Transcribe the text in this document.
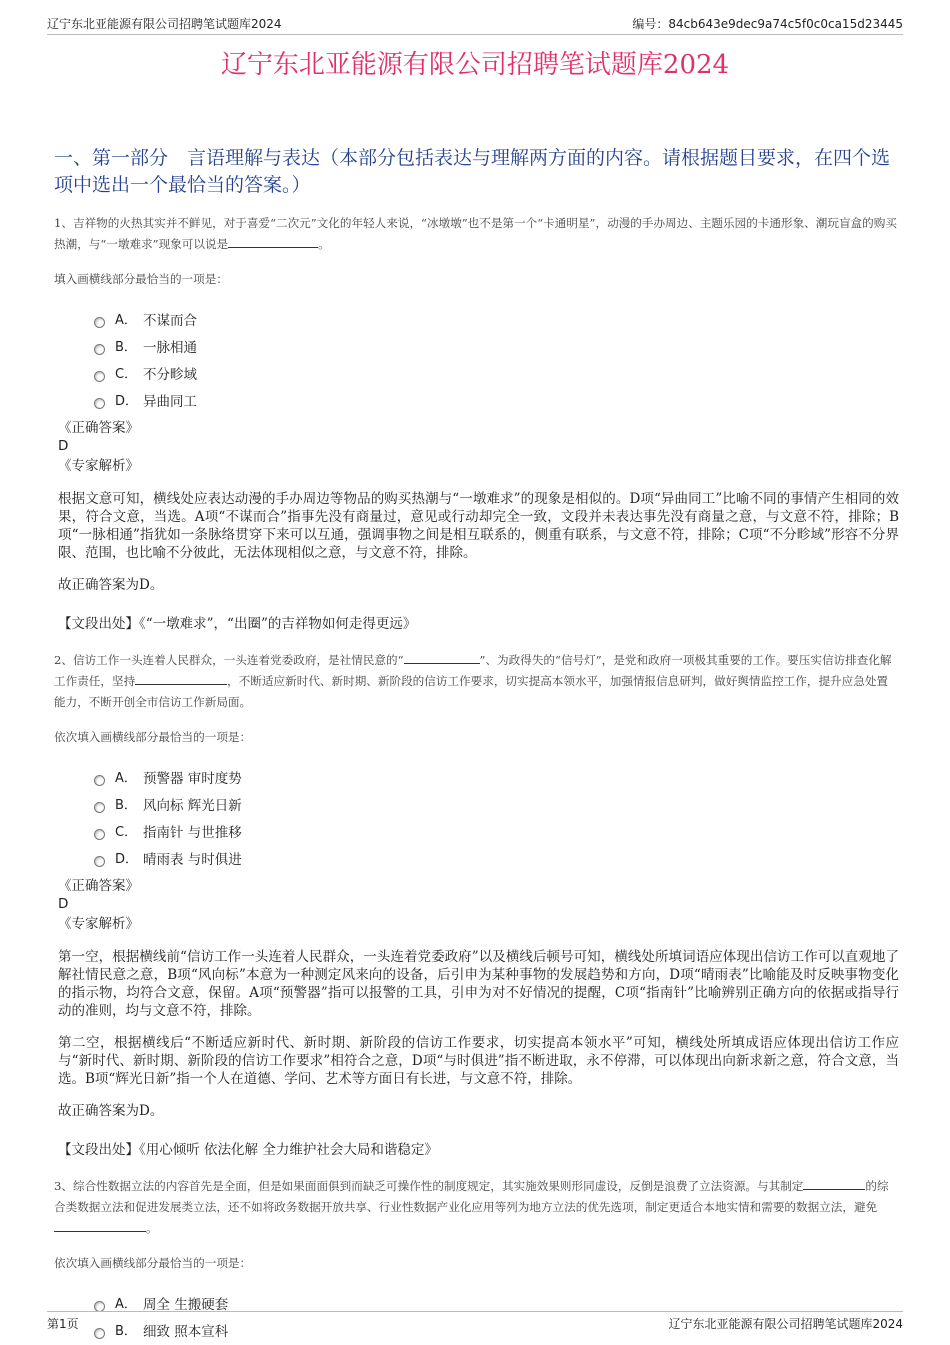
辽宁东北亚能源有限公司招聘笔试题库2024	编号：84cb643e9dec9a74c5f0c0ca15d23445
辽宁东北亚能源有限公司招聘笔试题库2024
一、第一部分　言语理解与表达（本部分包括表达与理解两方面的内容。请根据题目要求，在四个选项中选出一个最恰当的答案。）

1、吉祥物的火热其实并不鲜见，对于喜爱“二次元”文化的年轻人来说，“冰墩墩”也不是第一个“卡通明星”，动漫的手办周边、主题乐园的卡通形象、潮玩盲盒的购买热潮，与“一墩难求”现象可以说是	。

填入画横线部分最恰当的一项是：

A． 不谋而合
B． 一脉相通
C． 不分畛域
D． 异曲同工
《正确答案》
D
《专家解析》

根据文意可知，横线处应表达动漫的手办周边等物品的购买热潮与“一墩难求”的现象是相似的。D项“异曲同工”比喻不同的事情产生相同的效果，符合文意，当选。A项“不谋而合”指事先没有商量过，意见或行动却完全一致，文段并未表达事先没有商量之意，与文意不符，排除；B项“一脉相通”指犹如一条脉络贯穿下来可以互通，强调事物之间是相互联系的，侧重有联系，与文意不符，排除；C项“不分畛域”形容不分界限、范围，也比喻不分彼此，无法体现相似之意，与文意不符，排除。

故正确答案为D。

【文段出处】《“一墩难求”，“出圈”的吉祥物如何走得更远》

2、信访工作一头连着人民群众，一头连着党委政府，是社情民意的“	”、为政得失的“信号灯”，是党和政府一项极其重要的工作。要压实信访排查化解工作责任，坚持	，不断适应新时代、新时期、新阶段的信访工作要求，切实提高本领水平，加强情报信息研判，做好舆情监控工作，提升应急处置能力，不断开创全市信访工作新局面。

依次填入画横线部分最恰当的一项是：

A． 预警器 审时度势
B． 风向标 辉光日新
C． 指南针 与世推移
D． 晴雨表 与时俱进
《正确答案》
D
《专家解析》

第一空，根据横线前“信访工作一头连着人民群众，一头连着党委政府”以及横线后顿号可知，横线处所填词语应体现出信访工作可以直观地了解社情民意之意，B项“风向标”本意为一种测定风来向的设备，后引申为某种事物的发展趋势和方向，D项“晴雨表”比喻能及时反映事物变化的指示物，均符合文意，保留。A项“预警器”指可以报警的工具，引申为对不好情况的提醒，C项“指南针”比喻辨别正确方向的依据或指导行动的准则，均与文意不符，排除。

第二空，根据横线后“不断适应新时代、新时期、新阶段的信访工作要求，切实提高本领水平”可知，横线处所填成语应体现出信访工作应与“新时代、新时期、新阶段的信访工作要求”相符合之意，D项“与时俱进”指不断进取，永不停滞，可以体现出向新求新之意，符合文意，当选。B项“辉光日新”指一个人在道德、学问、艺术等方面日有长进，与文意不符，排除。

故正确答案为D。

【文段出处】《用心倾听 依法化解 全力维护社会大局和谐稳定》

3、综合性数据立法的内容首先是全面，但是如果面面俱到而缺乏可操作性的制度规定，其实施效果则形同虚设，反倒是浪费了立法资源。与其制定	的综合类数据立法和促进发展类立法，还不如将政务数据开放共享、行业性数据产业化应用等列为地方立法的优先选项，制定更适合本地实情和需要的数据立法，避免。

依次填入画横线部分最恰当的一项是：

A． 周全 生搬硬套
B． 细致 照本宣科
第1页	辽宁东北亚能源有限公司招聘笔试题库2024
